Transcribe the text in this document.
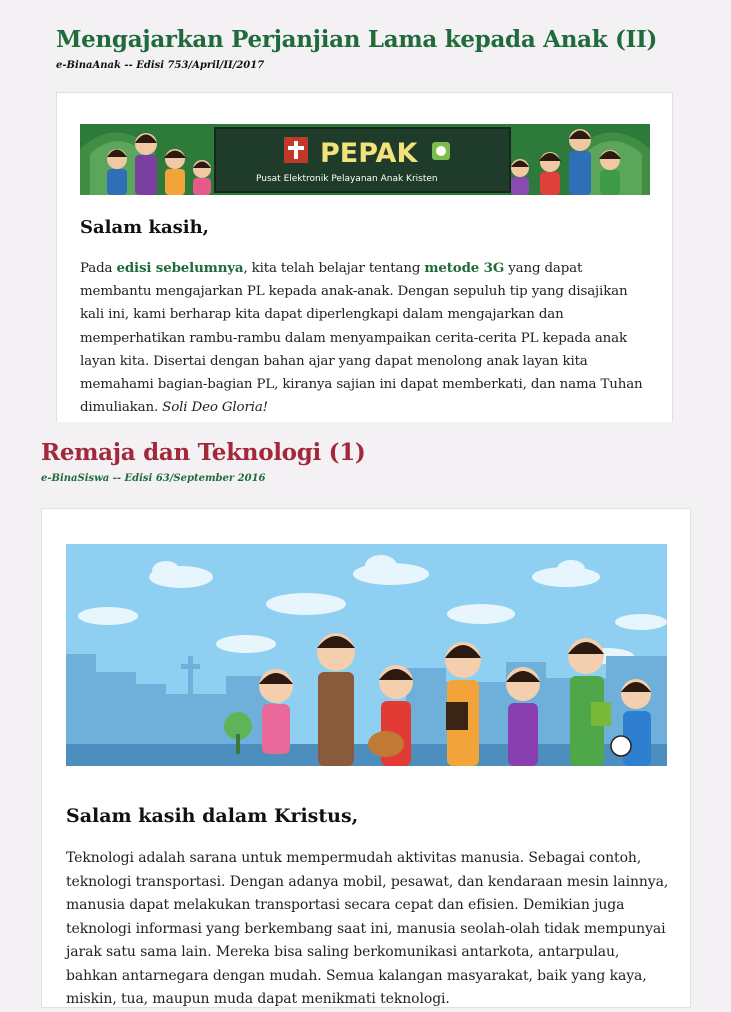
Mengajarkan Perjanjian Lama kepada Anak (II)

e-BinaAnak -- Edisi 753/April/II/2017

PEPAK
Pusat Elektronik Pelayanan Anak Kristen
Salam kasih,

Pada edisi sebelumnya, kita telah belajar tentang metode 3G yang dapat membantu mengajarkan PL kepada anak-anak. Dengan sepuluh tip yang disajikan kali ini, kami berharap kita dapat diperlengkapi dalam mengajarkan dan memperhatikan rambu-rambu dalam menyampaikan cerita-cerita PL kepada anak layan kita. Disertai dengan bahan ajar yang dapat menolong anak layan kita memahami bagian-bagian PL, kiranya sajian ini dapat memberkati, dan nama Tuhan dimuliakan. Soli Deo Gloria!

Remaja dan Teknologi (1)

e-BinaSiswa -- Edisi 63/September 2016

Salam kasih dalam Kristus,

Teknologi adalah sarana untuk mempermudah aktivitas manusia. Sebagai contoh, teknologi transportasi. Dengan adanya mobil, pesawat, dan kendaraan mesin lainnya, manusia dapat melakukan transportasi secara cepat dan efisien. Demikian juga teknologi informasi yang berkembang saat ini, manusia seolah-olah tidak mempunyai jarak satu sama lain. Mereka bisa saling berkomunikasi antarkota, antarpulau, bahkan antarnegara dengan mudah. Semua kalangan masyarakat, baik yang kaya, miskin, tua, maupun muda dapat menikmati teknologi.
